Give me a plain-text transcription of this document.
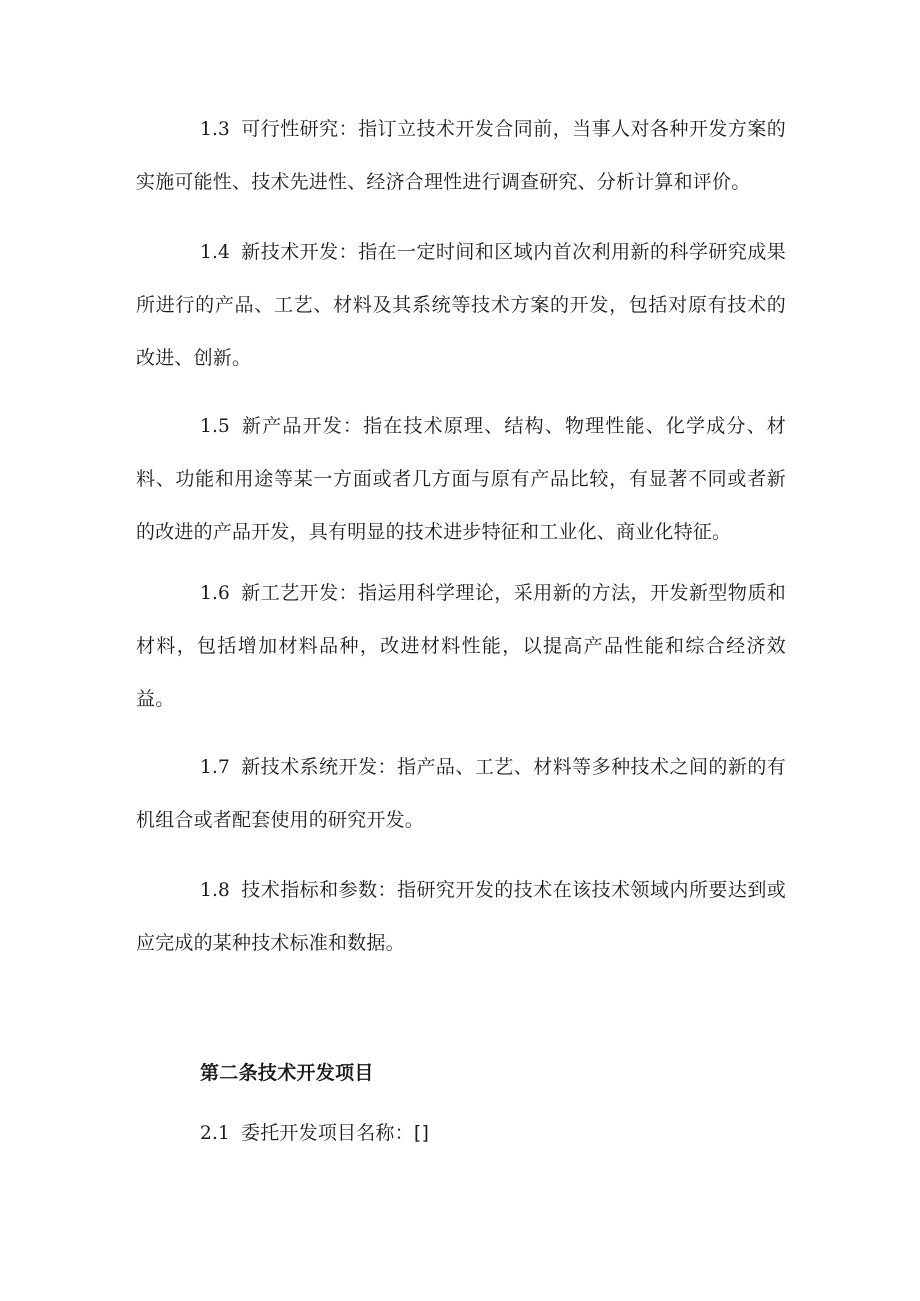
1.3 可行性研究：指订立技术开发合同前，当事人对各种开发方案的实施可能性、技术先进性、经济合理性进行调查研究、分析计算和评价。

1.4 新技术开发：指在一定时间和区域内首次利用新的科学研究成果所进行的产品、工艺、材料及其系统等技术方案的开发，包括对原有技术的改进、创新。

1.5 新产品开发：指在技术原理、结构、物理性能、化学成分、材料、功能和用途等某一方面或者几方面与原有产品比较，有显著不同或者新的改进的产品开发，具有明显的技术进步特征和工业化、商业化特征。

1.6 新工艺开发：指运用科学理论，采用新的方法，开发新型物质和材料，包括增加材料品种，改进材料性能，以提高产品性能和综合经济效益。

1.7 新技术系统开发：指产品、工艺、材料等多种技术之间的新的有机组合或者配套使用的研究开发。

1.8 技术指标和参数：指研究开发的技术在该技术领域内所要达到或应完成的某种技术标准和数据。

第二条技术开发项目

2.1 委托开发项目名称：[]
